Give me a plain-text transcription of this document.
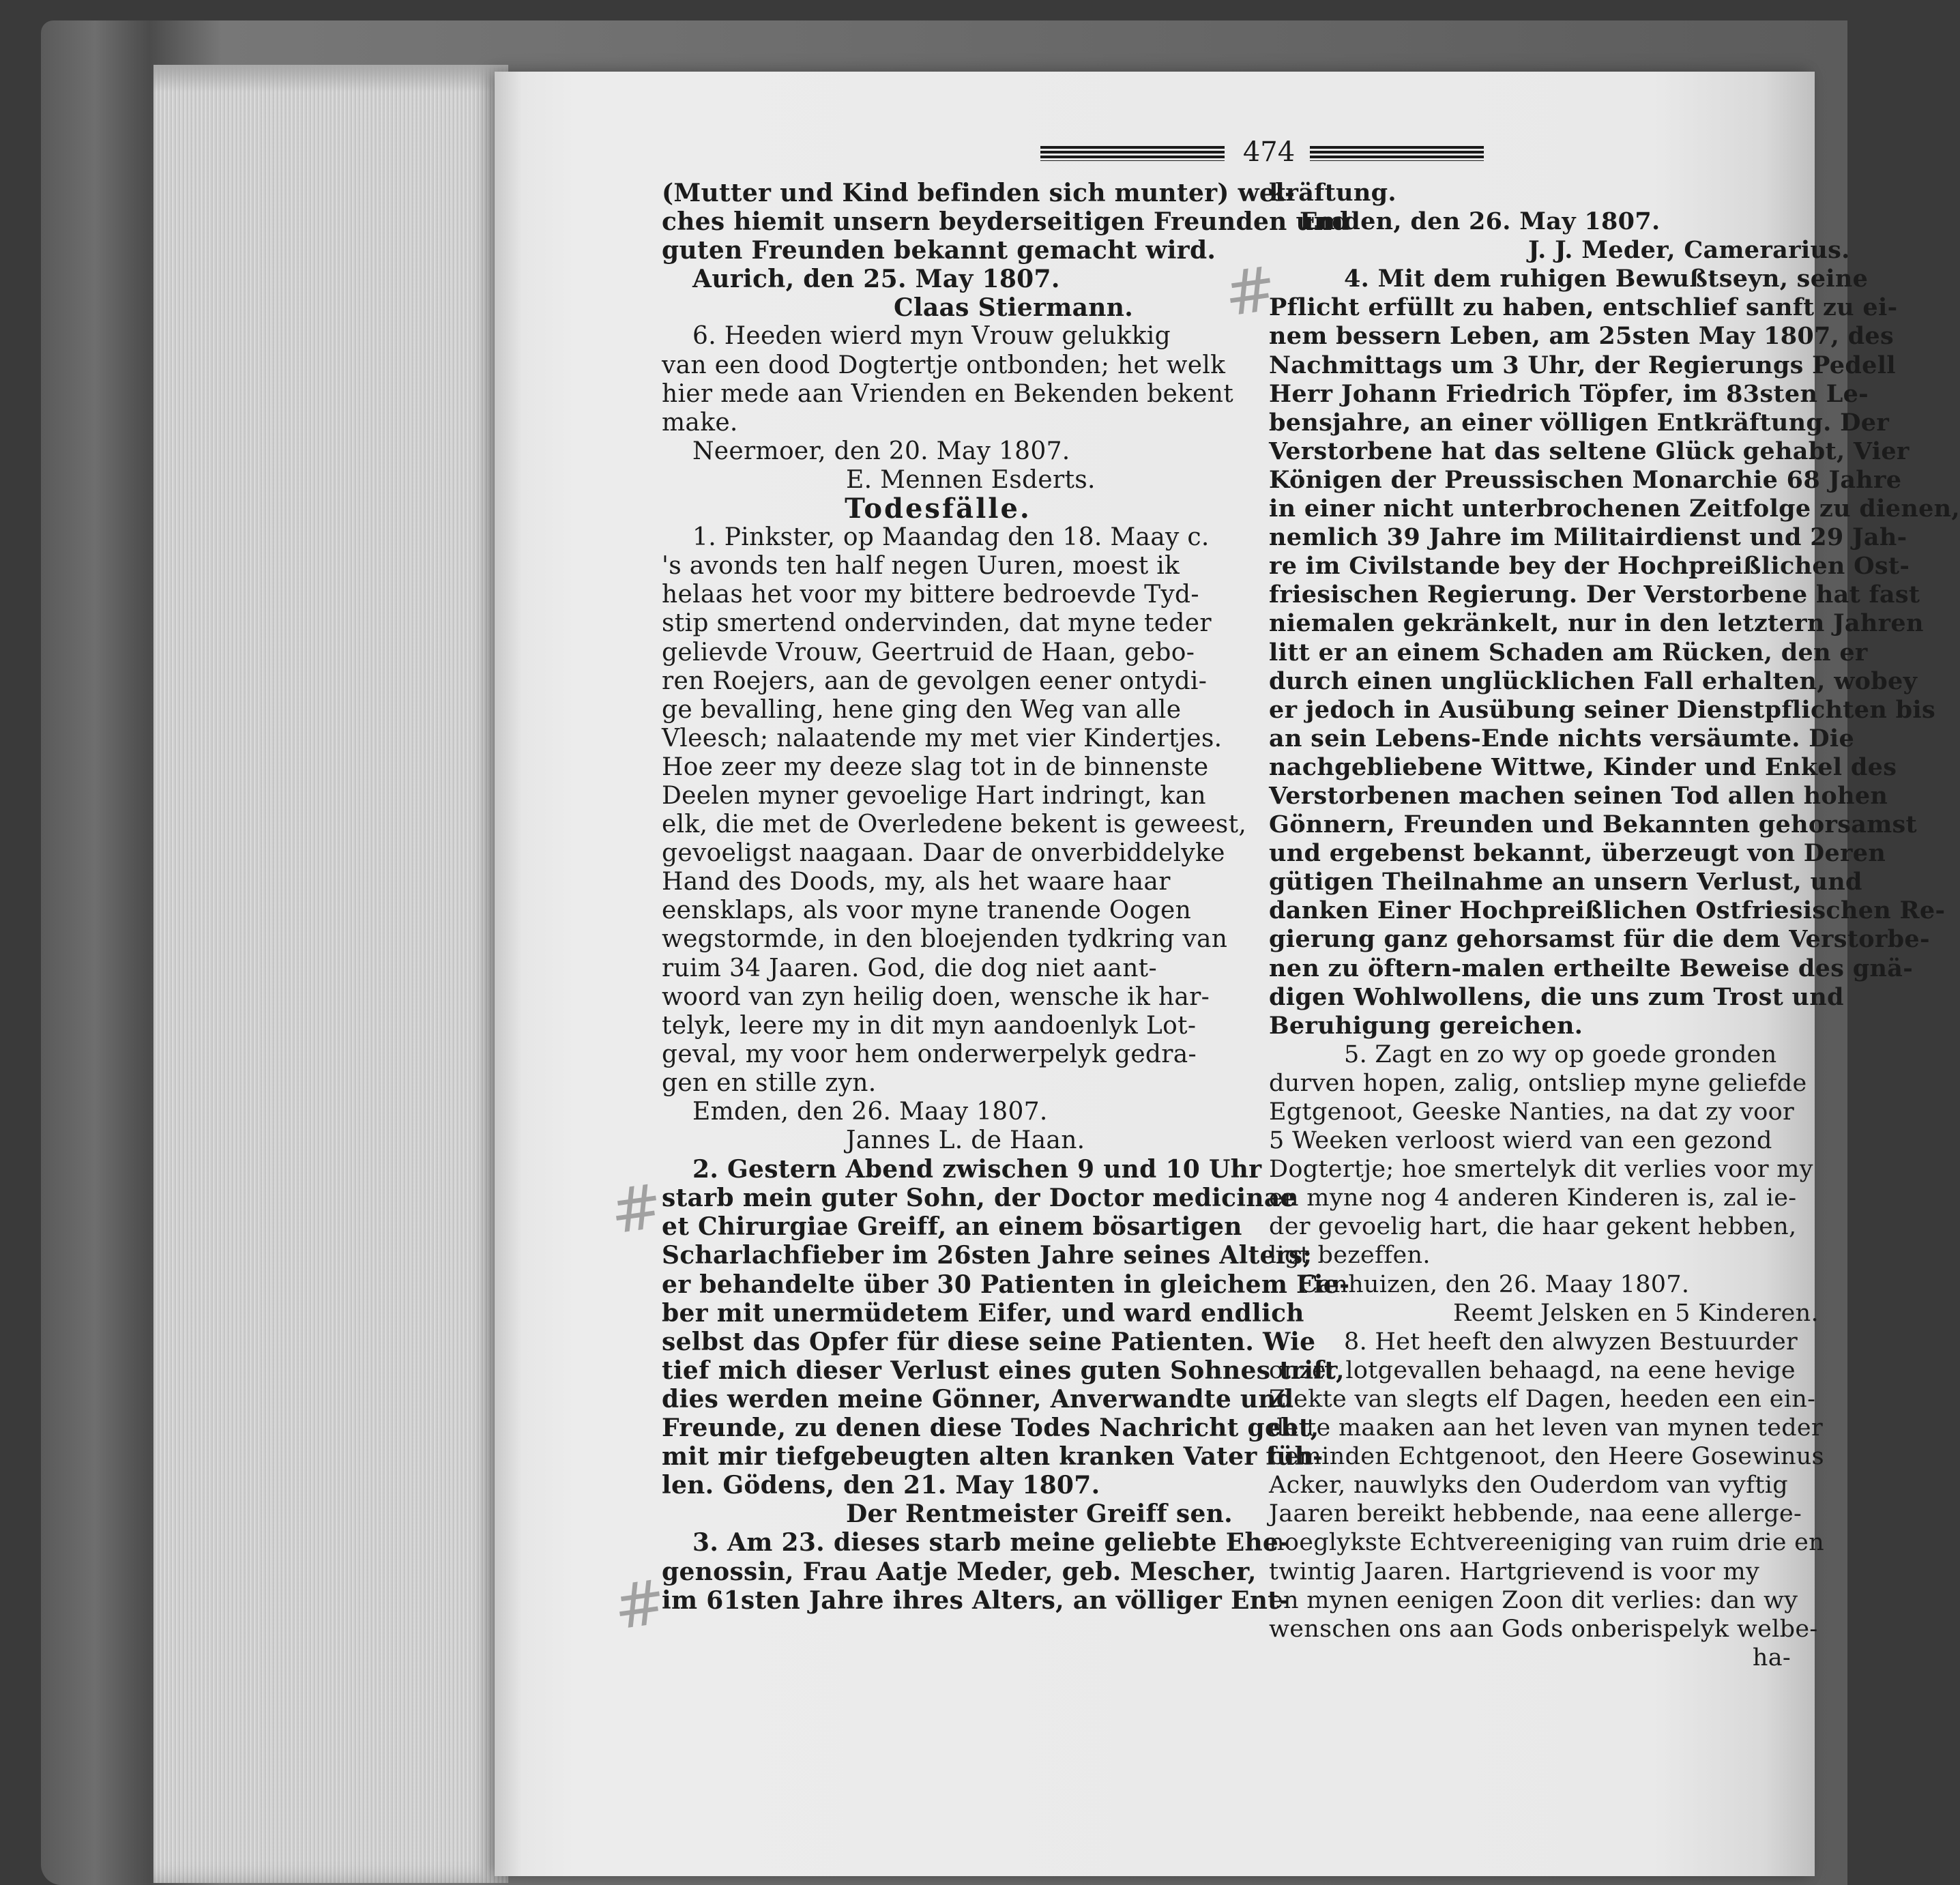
474
(Mutter und Kind befinden sich munter) wel-
ches hiemit unsern beyderseitigen Freunden und
guten Freunden bekannt gemacht wird.
Aurich, den 25. May 1807.
Claas Stiermann.
6. Heeden wierd myn Vrouw gelukkig
van een dood Dogtertje ontbonden; het welk
hier mede aan Vrienden en Bekenden bekent
make.
Neermoer, den 20. May 1807.
E. Mennen Esderts.
Todesfälle.
1. Pinkster, op Maandag den 18. Maay c.
's avonds ten half negen Uuren, moest ik
helaas het voor my bittere bedroevde Tyd-
stip smertend ondervinden, dat myne teder
gelievde Vrouw, Geertruid de Haan, gebo-
ren Roejers, aan de gevolgen eener ontydi-
ge bevalling, hene ging den Weg van alle
Vleesch; nalaatende my met vier Kindertjes.
Hoe zeer my deeze slag tot in de binnenste
Deelen myner gevoelige Hart indringt, kan
elk, die met de Overledene bekent is geweest,
gevoeligst naagaan. Daar de onverbiddelyke
Hand des Doods, my, als het waare haar
eensklaps, als voor myne tranende Oogen
wegstormde, in den bloejenden tydkring van
ruim 34 Jaaren. God, die dog niet aant-
woord van zyn heilig doen, wensche ik har-
telyk, leere my in dit myn aandoenlyk Lot-
geval, my voor hem onderwerpelyk gedra-
gen en stille zyn.
Emden, den 26. Maay 1807.
Jannes L. de Haan.
2. Gestern Abend zwischen 9 und 10 Uhr
starb mein guter Sohn, der Doctor medicinae
et Chirurgiae Greiff, an einem bösartigen
Scharlachfieber im 26sten Jahre seines Alters;
er behandelte über 30 Patienten in gleichem Fie-
ber mit unermüdetem Eifer, und ward endlich
selbst das Opfer für diese seine Patienten. Wie
tief mich dieser Verlust eines guten Sohnes trift,
dies werden meine Gönner, Anverwandte und
Freunde, zu denen diese Todes Nachricht geht,
mit mir tiefgebeugten alten kranken Vater füh-
len. Gödens, den 21. May 1807.
Der Rentmeister Greiff sen.
3. Am 23. dieses starb meine geliebte Ehe-
genossin, Frau Aatje Meder, geb. Mescher,
im 61sten Jahre ihres Alters, an völliger Ent-
kräftung.
Emden, den 26. May 1807.
J. J. Meder, Camerarius.
4. Mit dem ruhigen Bewußtseyn, seine
Pflicht erfüllt zu haben, entschlief sanft zu ei-
nem bessern Leben, am 25sten May 1807, des
Nachmittags um 3 Uhr, der Regierungs Pedell
Herr Johann Friedrich Töpfer, im 83sten Le-
bensjahre, an einer völligen Entkräftung. Der
Verstorbene hat das seltene Glück gehabt, Vier
Königen der Preussischen Monarchie 68 Jahre
in einer nicht unterbrochenen Zeitfolge zu dienen,
nemlich 39 Jahre im Militairdienst und 29 Jah-
re im Civilstande bey der Hochpreißlichen Ost-
friesischen Regierung. Der Verstorbene hat fast
niemalen gekränkelt, nur in den letztern Jahren
litt er an einem Schaden am Rücken, den er
durch einen unglücklichen Fall erhalten, wobey
er jedoch in Ausübung seiner Dienstpflichten bis
an sein Lebens-Ende nichts versäumte. Die
nachgebliebene Wittwe, Kinder und Enkel des
Verstorbenen machen seinen Tod allen hohen
Gönnern, Freunden und Bekannten gehorsamst
und ergebenst bekannt, überzeugt von Deren
gütigen Theilnahme an unsern Verlust, und
danken Einer Hochpreißlichen Ostfriesischen Re-
gierung ganz gehorsamst für die dem Verstorbe-
nen zu öftern-malen ertheilte Beweise des gnä-
digen Wohlwollens, die uns zum Trost und
Beruhigung gereichen.
5. Zagt en zo wy op goede gronden
durven hopen, zalig, ontsliep myne geliefde
Egtgenoot, Geeske Nanties, na dat zy voor
5 Weeken verloost wierd van een gezond
Dogtertje; hoe smertelyk dit verlies voor my
en myne nog 4 anderen Kinderen is, zal ie-
der gevoelig hart, die haar gekent hebben,
ligt bezeffen.
Canhuizen, den 26. Maay 1807.
Reemt Jelsken en 5 Kinderen.
8. Het heeft den alwyzen Bestuurder
onzer lotgevallen behaagd, na eene hevige
Ziekte van slegts elf Dagen, heeden een ein-
de te maaken aan het leven van mynen teder
beminden Echtgenoot, den Heere Gosewinus
Acker, nauwlyks den Ouderdom van vyftig
Jaaren bereikt hebbende, naa eene allerge-
noeglykste Echtvereeniging van ruim drie en
twintig Jaaren. Hartgrievend is voor my
en mynen eenigen Zoon dit verlies: dan wy
wenschen ons aan Gods onberispelyk welbe-
ha-
#
#
#
